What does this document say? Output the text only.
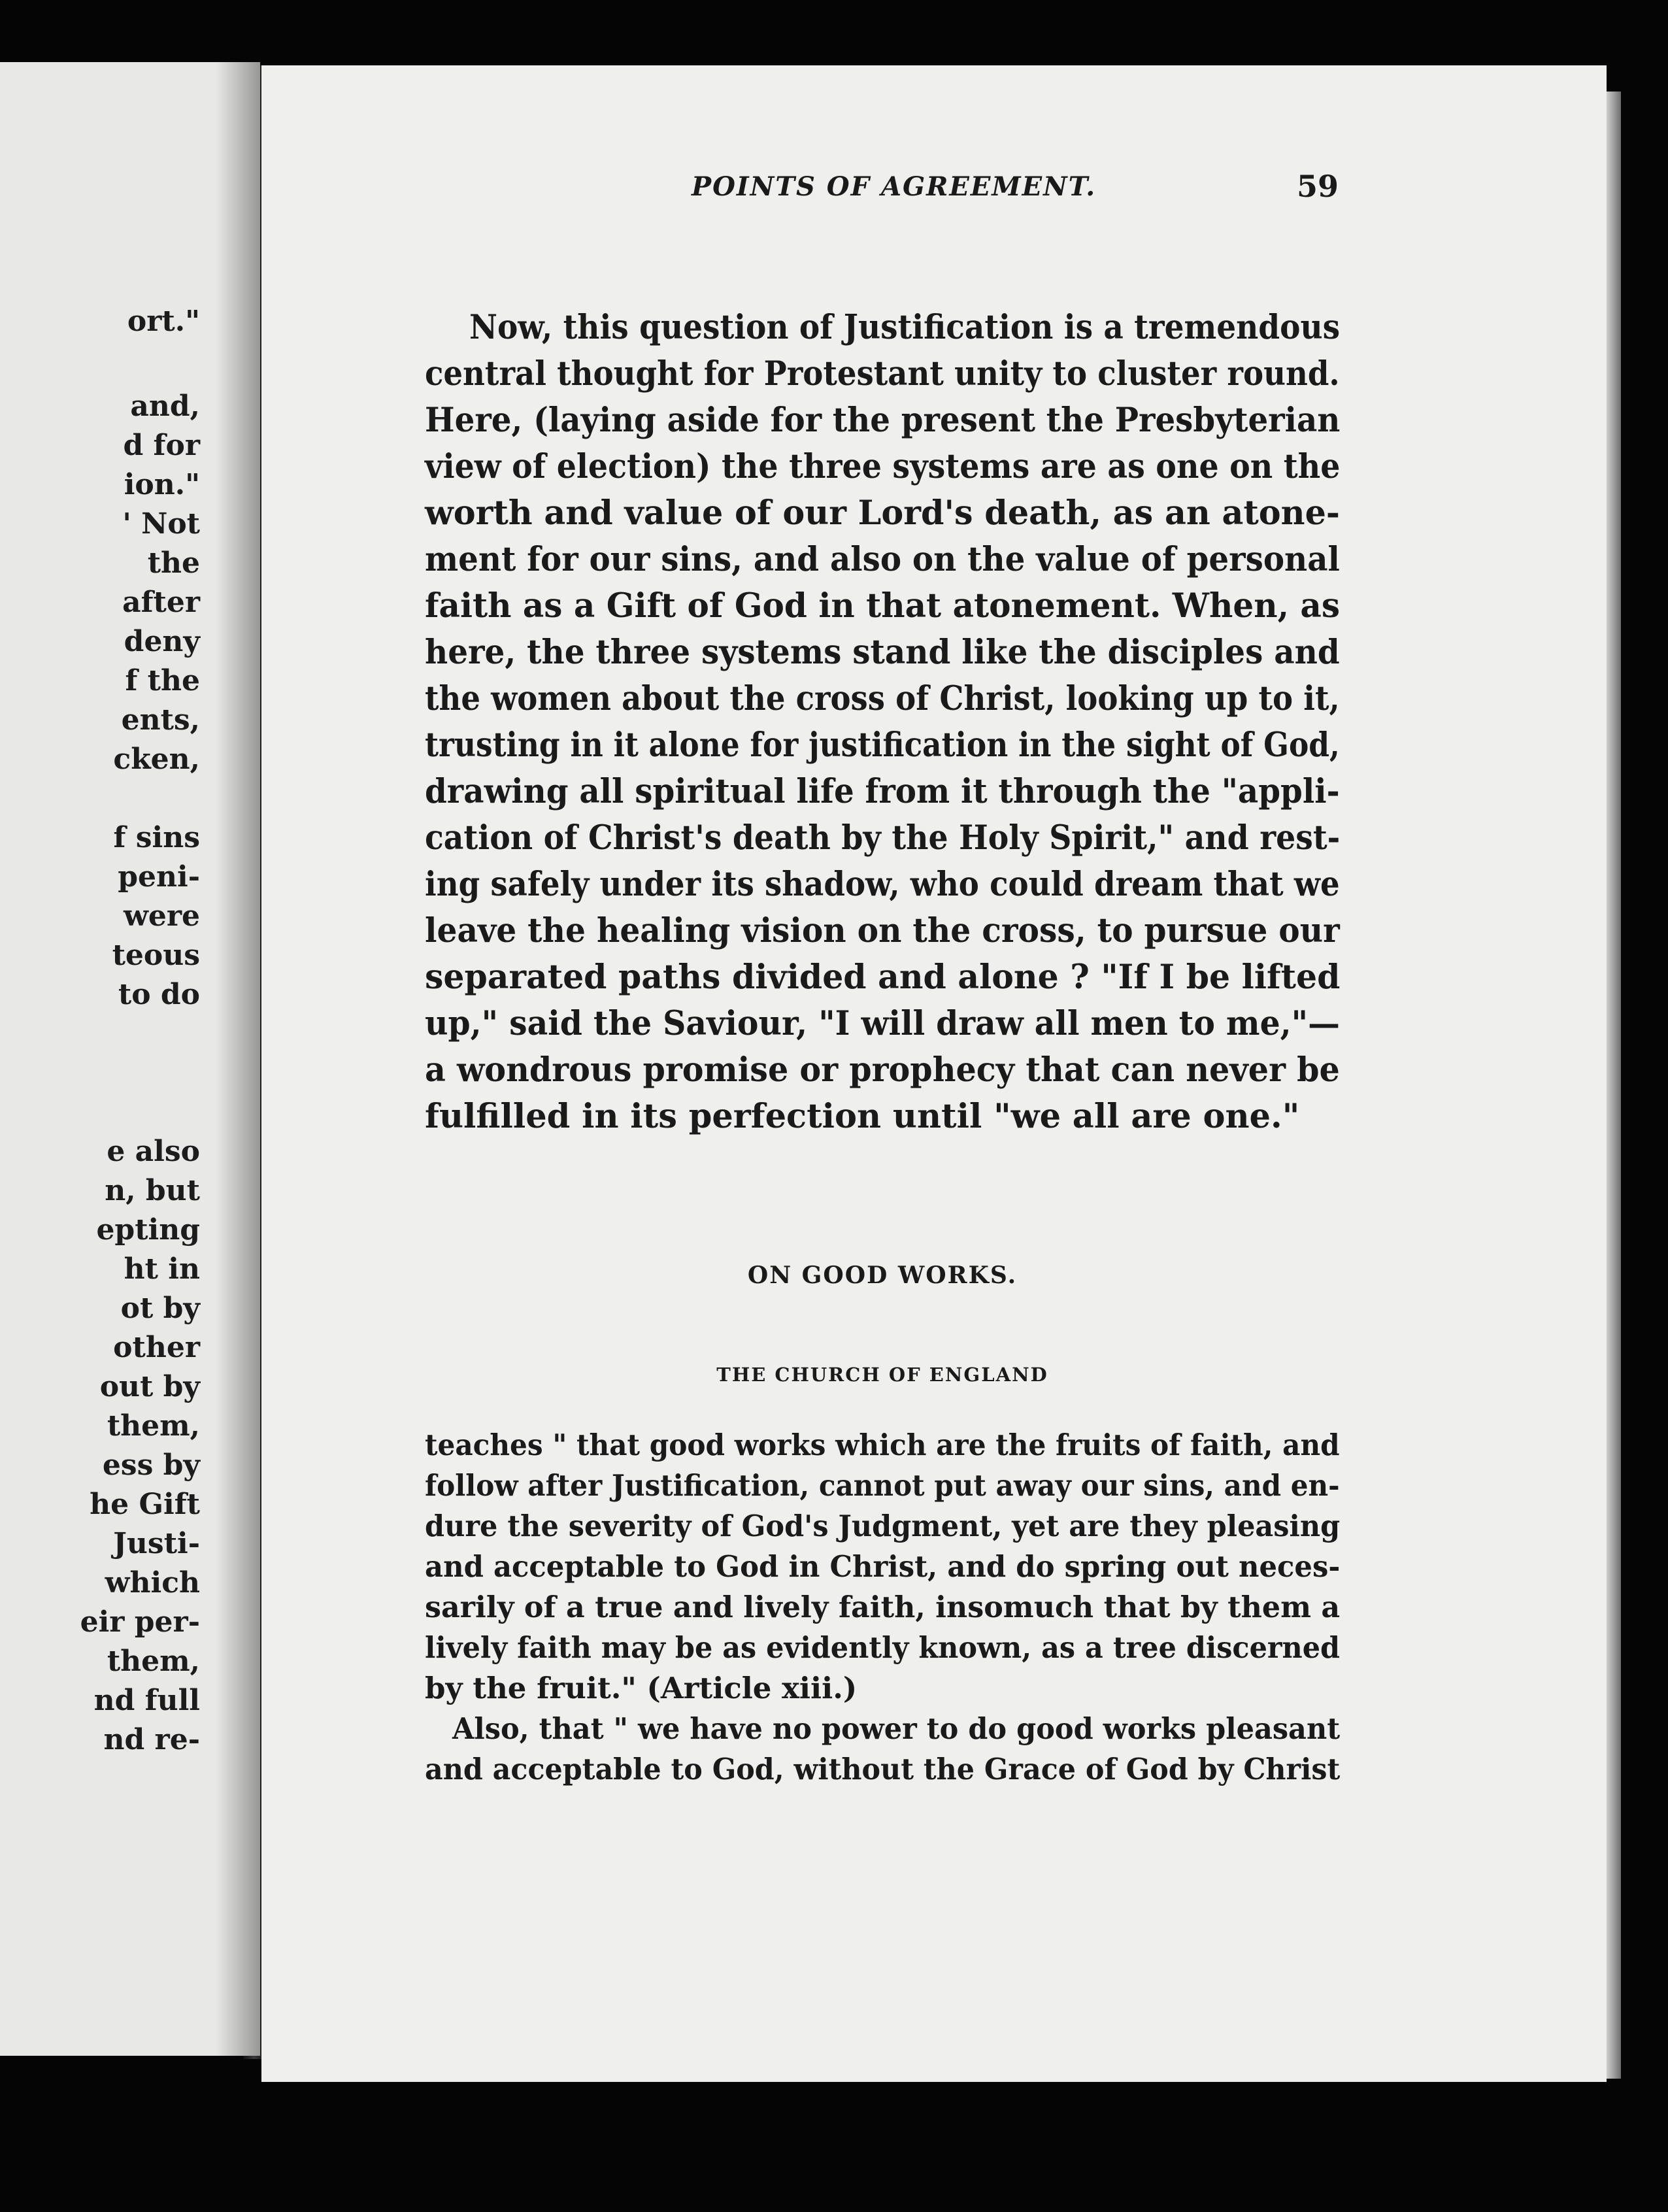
ort."
and,
d for
ion."
' Not
the
after
deny
f the
ents,
cken,
f sins
peni-
were
teous
to do
e also
n, but
epting
ht in
ot by
other
out by
them,
ess by
he Gift
Justi-
which
eir per-
them,
nd full
nd re-
POINTS OF AGREEMENT.	59
Now, this question of Justification is a tremendous
central thought for Protestant unity to cluster round.
Here, (laying aside for the present the Presbyterian
view of election) the three systems are as one on the
worth and value of our Lord's death, as an atone-
ment for our sins, and also on the value of personal
faith as a Gift of God in that atonement. When, as
here, the three systems stand like the disciples and
the women about the cross of Christ, looking up to it,
trusting in it alone for justification in the sight of God,
drawing all spiritual life from it through the "appli-
cation of Christ's death by the Holy Spirit," and rest-
ing safely under its shadow, who could dream that we
leave the healing vision on the cross, to pursue our
separated paths divided and alone ? "If I be lifted
up," said the Saviour, "I will draw all men to me,"—
a wondrous promise or prophecy that can never be
fulfilled in its perfection until "we all are one."
ON GOOD WORKS.
THE CHURCH OF ENGLAND
teaches " that good works which are the fruits of faith, and
follow after Justification, cannot put away our sins, and en-
dure the severity of God's Judgment, yet are they pleasing
and acceptable to God in Christ, and do spring out neces-
sarily of a true and lively faith, insomuch that by them a
lively faith may be as evidently known, as a tree discerned
by the fruit." (Article xiii.)
Also, that " we have no power to do good works pleasant
and acceptable to God, without the Grace of God by Christ
